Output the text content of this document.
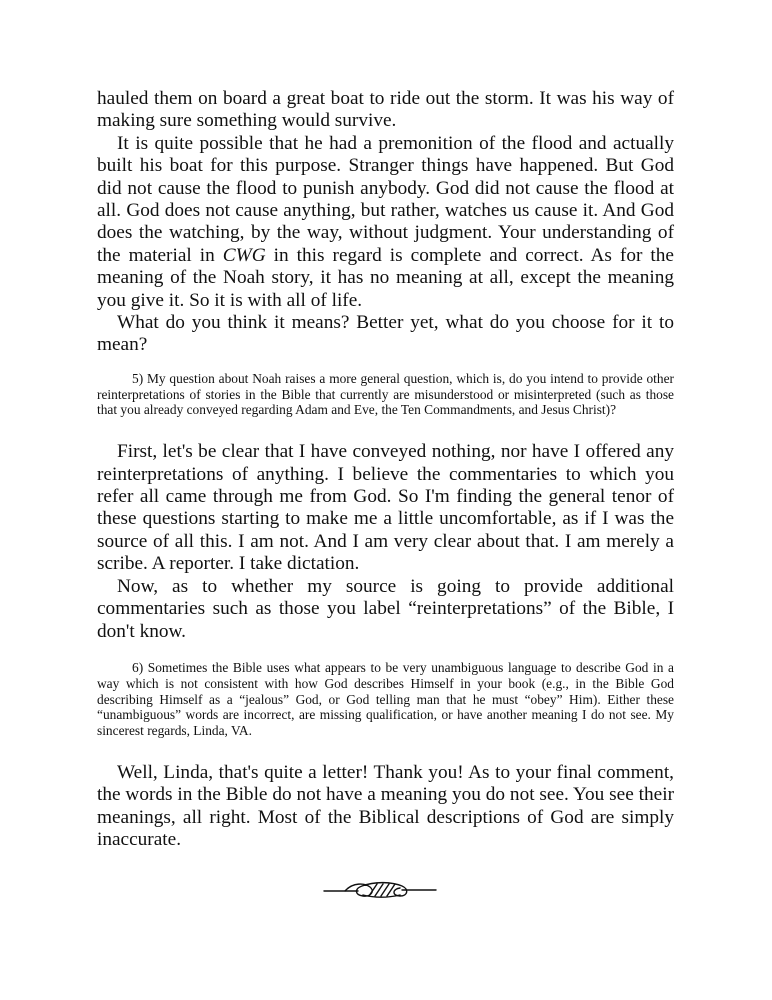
hauled them on board a great boat to ride out the storm. It was his way of making sure something would survive.

It is quite possible that he had a premonition of the flood and actually built his boat for this purpose. Stranger things have happened. But God did not cause the flood to punish anybody. God did not cause the flood at all. God does not cause anything, but rather, watches us cause it. And God does the watching, by the way, without judgment. Your understanding of the material in CWG in this regard is complete and correct. As for the meaning of the Noah story, it has no meaning at all, except the meaning you give it. So it is with all of life.

What do you think it means? Better yet, what do you choose for it to mean?

5) My question about Noah raises a more general question, which is, do you intend to provide other reinterpretations of stories in the Bible that currently are misunderstood or misinterpreted (such as those that you already conveyed regarding Adam and Eve, the Ten Commandments, and Jesus Christ)?

First, let's be clear that I have conveyed nothing, nor have I offered any reinterpretations of anything. I believe the commentaries to which you refer all came through me from God. So I'm finding the general tenor of these questions starting to make me a little uncomfortable, as if I was the source of all this. I am not. And I am very clear about that. I am merely a scribe. A reporter. I take dictation.

Now, as to whether my source is going to provide additional commentaries such as those you label “reinterpretations” of the Bible, I don't know.

6) Sometimes the Bible uses what appears to be very unambiguous language to describe God in a way which is not consistent with how God describes Himself in your book (e.g., in the Bible God describing Himself as a “jealous” God, or God telling man that he must “obey” Him). Either these “unambiguous” words are incorrect, are missing qualification, or have another meaning I do not see. My sincerest regards, Linda, VA.

Well, Linda, that's quite a letter! Thank you! As to your final comment, the words in the Bible do not have a meaning you do not see. You see their meanings, all right. Most of the Biblical descriptions of God are simply inaccurate.
